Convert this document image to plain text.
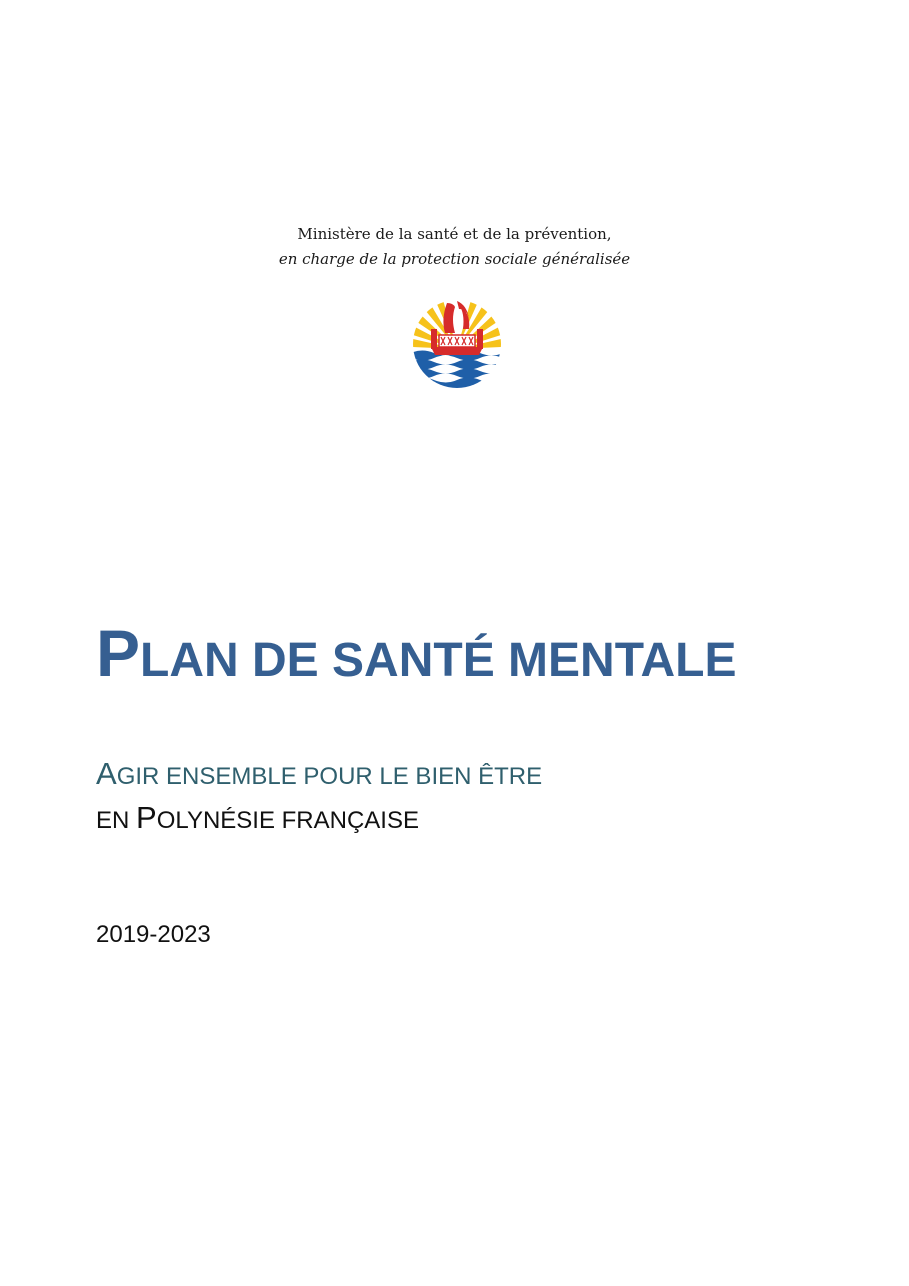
Ministère de la santé et de la prévention,
en charge de la protection sociale généralisée
PLAN DE SANTÉ MENTALE
AGIR ENSEMBLE POUR LE BIEN ÊTRE
EN POLYNÉSIE FRANÇAISE
2019-2023
